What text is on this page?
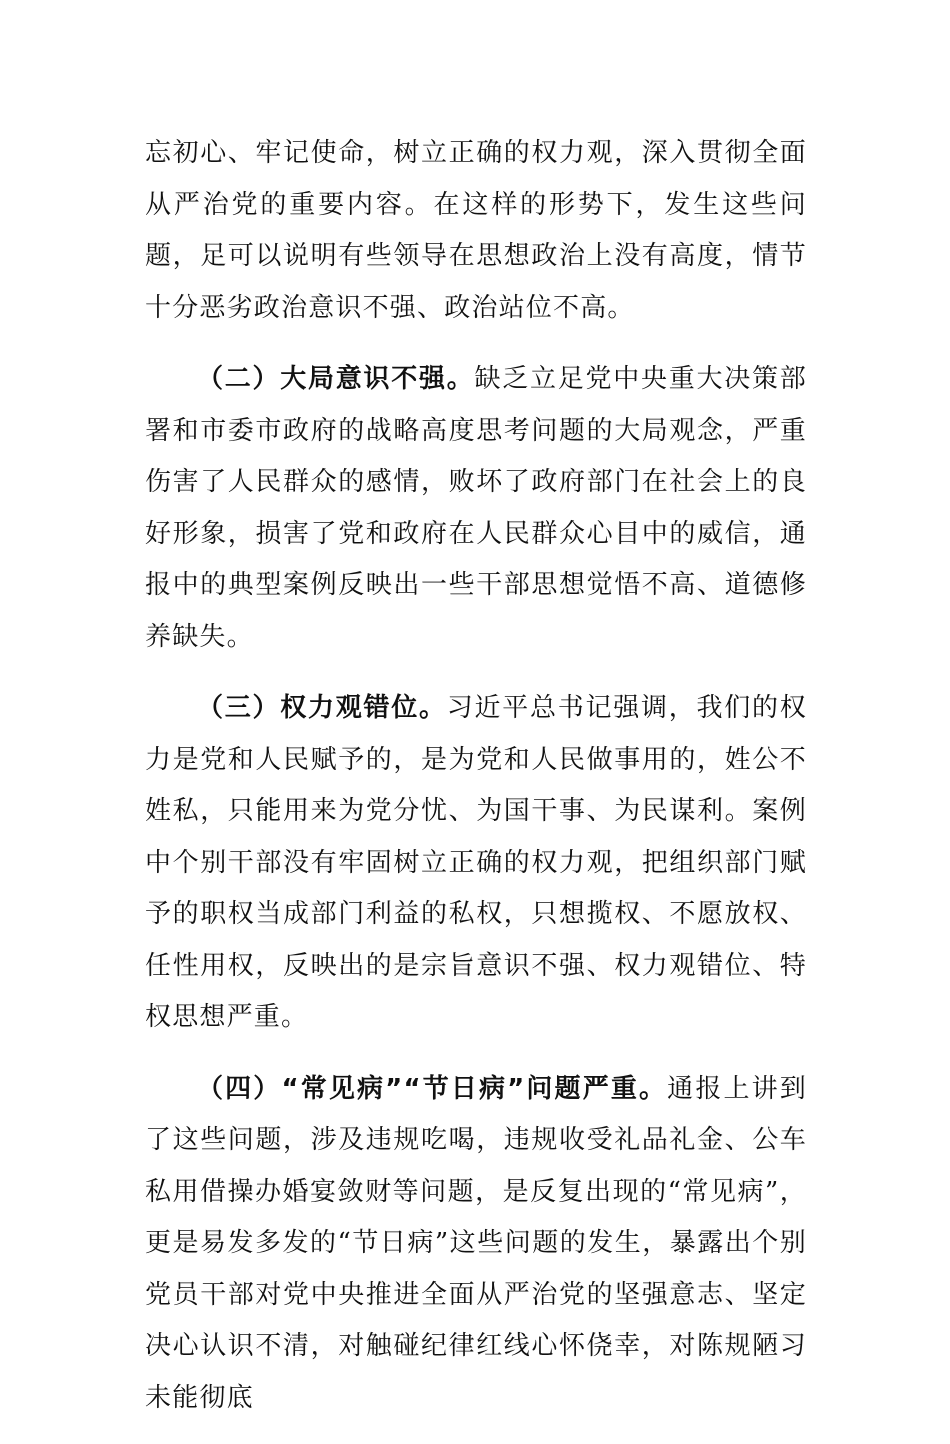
忘初心、牢记使命，树立正确的权力观，深入贯彻全面从严治党的重要内容。在这样的形势下，发生这些问题，足可以说明有些领导在思想政治上没有高度，情节十分恶劣政治意识不强、政治站位不高。

（二）大局意识不强。缺乏立足党中央重大决策部署和市委市政府的战略高度思考问题的大局观念，严重伤害了人民群众的感情，败坏了政府部门在社会上的良好形象，损害了党和政府在人民群众心目中的威信，通报中的典型案例反映出一些干部思想觉悟不高、道德修养缺失。

（三）权力观错位。习近平总书记强调，我们的权力是党和人民赋予的，是为党和人民做事用的，姓公不姓私，只能用来为党分忧、为国干事、为民谋利。案例中个别干部没有牢固树立正确的权力观，把组织部门赋予的职权当成部门利益的私权，只想揽权、不愿放权、任性用权，反映出的是宗旨意识不强、权力观错位、特权思想严重。

（四）“常见病”“节日病”问题严重。通报上讲到了这些问题，涉及违规吃喝，违规收受礼品礼金、公车私用借操办婚宴敛财等问题，是反复出现的“常见病”，更是易发多发的“节日病”这些问题的发生，暴露出个别党员干部对党中央推进全面从严治党的坚强意志、坚定决心认识不清，对触碰纪律红线心怀侥幸，对陈规陋习未能彻底
